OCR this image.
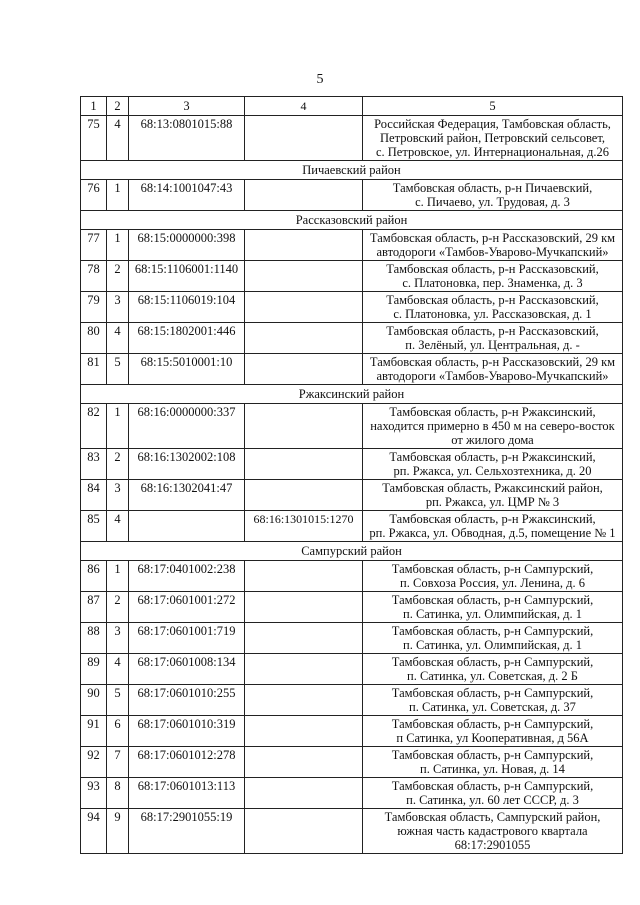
5
1	2	3	4	5
75	4	68:13:0801015:88		Российская Федерация, Тамбовская область,
Петровский район, Петровский сельсовет,
с. Петровское, ул. Интернациональная, д.26

Пичаевский район				
76	1	68:14:1001047:43		Тамбовская область, р-н Пичаевский,
с. Пичаево, ул. Трудовая, д. 3

Рассказовский район				
77	1	68:15:0000000:398		Тамбовская область, р-н Рассказовский, 29 км
автодороги «Тамбов-Уварово-Мучкапский»

78	2	68:15:1106001:1140		Тамбовская область, р-н Рассказовский,
с. Платоновка, пер. Знаменка, д. 3

79	3	68:15:1106019:104		Тамбовская область, р-н Рассказовский,
с. Платоновка, ул. Рассказовская, д. 1

80	4	68:15:1802001:446		Тамбовская область, р-н Рассказовский,
п. Зелёный, ул. Центральная, д. -

81	5	68:15:5010001:10		Тамбовская область, р-н Рассказовский, 29 км
автодороги «Тамбов-Уварово-Мучкапский»

Ржаксинский район				
82	1	68:16:0000000:337		Тамбовская область, р-н Ржаксинский,
находится примерно в 450 м на северо-восток
от жилого дома

83	2	68:16:1302002:108		Тамбовская область, р-н Ржаксинский,
рп. Ржакса, ул. Сельхозтехника, д. 20

84	3	68:16:1302041:47		Тамбовская область, Ржаксинский район,
рп. Ржакса, ул. ЦМР № 3

85	4		68:16:1301015:1270	Тамбовская область, р-н Ржаксинский,
рп. Ржакса, ул. Обводная, д.5, помещение № 1

Сампурский район				
86	1	68:17:0401002:238		Тамбовская область, р-н Сампурский,
п. Совхоза Россия, ул. Ленина, д. 6

87	2	68:17:0601001:272		Тамбовская область, р-н Сампурский,
п. Сатинка, ул. Олимпийская, д. 1

88	3	68:17:0601001:719		Тамбовская область, р-н Сампурский,
п. Сатинка, ул. Олимпийская, д. 1

89	4	68:17:0601008:134		Тамбовская область, р-н Сампурский,
п. Сатинка, ул. Советская, д. 2 Б

90	5	68:17:0601010:255		Тамбовская область, р-н Сампурский,
п. Сатинка, ул. Советская, д. 37

91	6	68:17:0601010:319		Тамбовская область, р-н Сампурский,
п Сатинка, ул Кооперативная, д 56А

92	7	68:17:0601012:278		Тамбовская область, р-н Сампурский,
п. Сатинка, ул. Новая, д. 14

93	8	68:17:0601013:113		Тамбовская область, р-н Сампурский,
п. Сатинка, ул. 60 лет СССР, д. 3

94	9	68:17:2901055:19		Тамбовская область, Сампурский район,
южная часть кадастрового квартала
68:17:2901055
